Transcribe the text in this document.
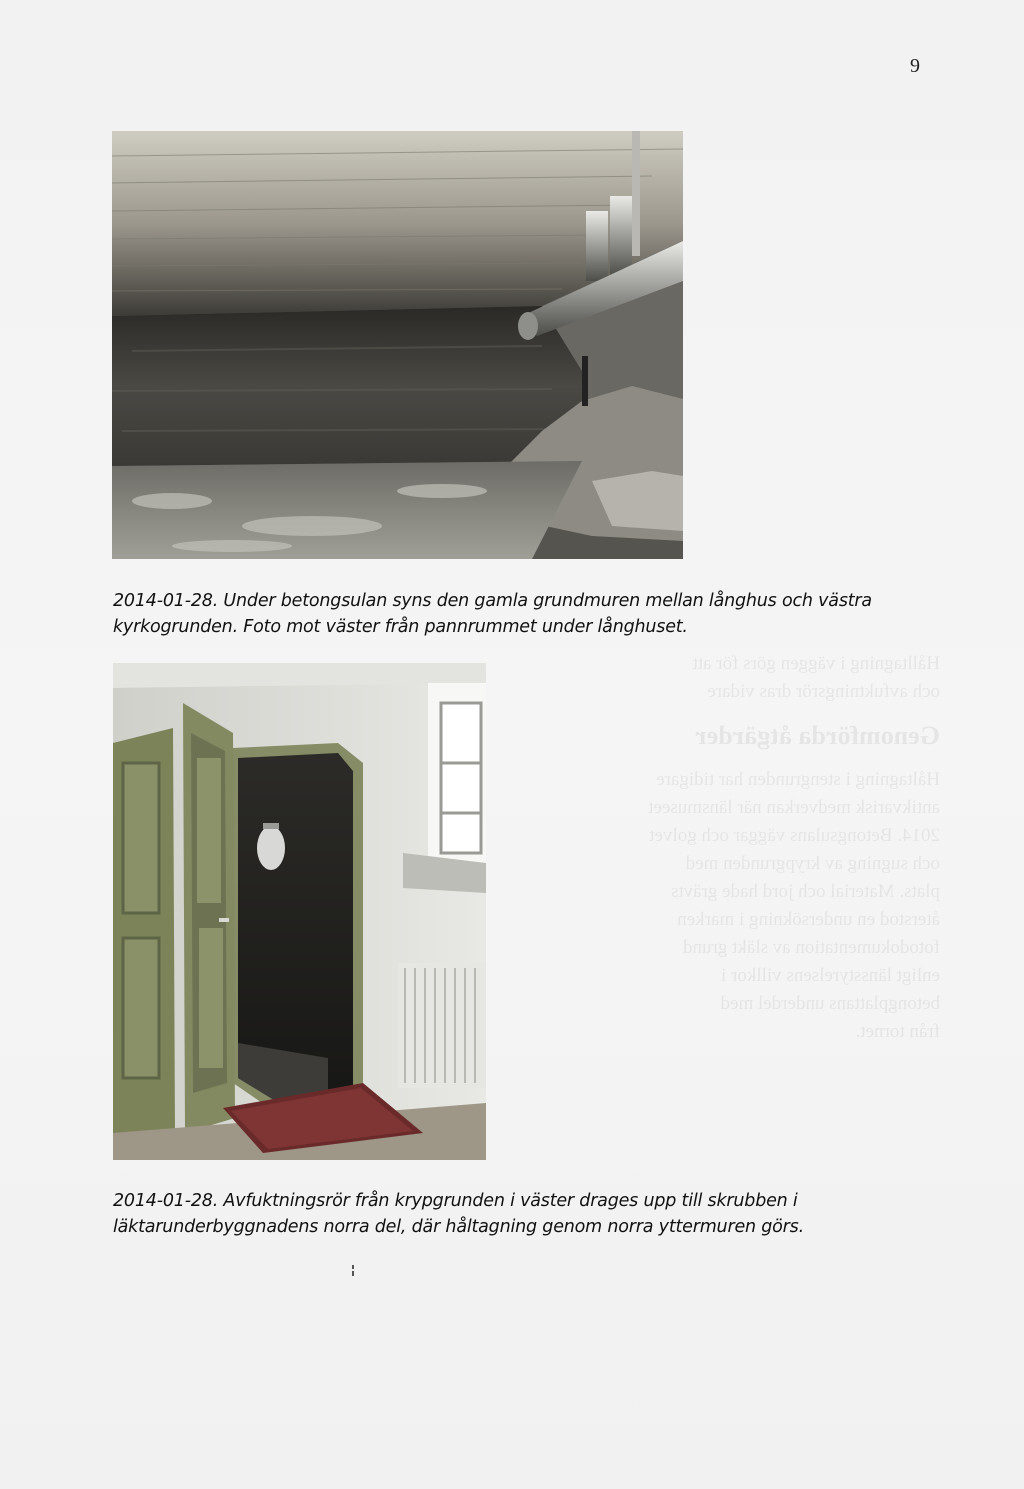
Hålltagning i väggen görs för att
och avfuktningsrör dras vidare
Genomförda åtgärder
Håltagning i stengrunden har tidigare
antikvarisk medverkan när länsmuseet
2014. Betongsulans väggar och golvet
och sugning av krypgrunden med
plats. Material och jord hade grävts
återstod en undersökning i marken
fotodokumentation av släkt grund
enligt länsstyrelsens villkor i
betongplattans underdel med
från tornet.
9
2014-01-28. Under betongsulan syns den gamla grundmuren mellan långhus och västra
kyrkogrunden. Foto mot väster från pannrummet under långhuset.
2014-01-28. Avfuktningsrör från krypgrunden i väster drages upp till skrubben i
läktarunderbyggnadens norra del, där håltagning genom norra yttermuren görs.
